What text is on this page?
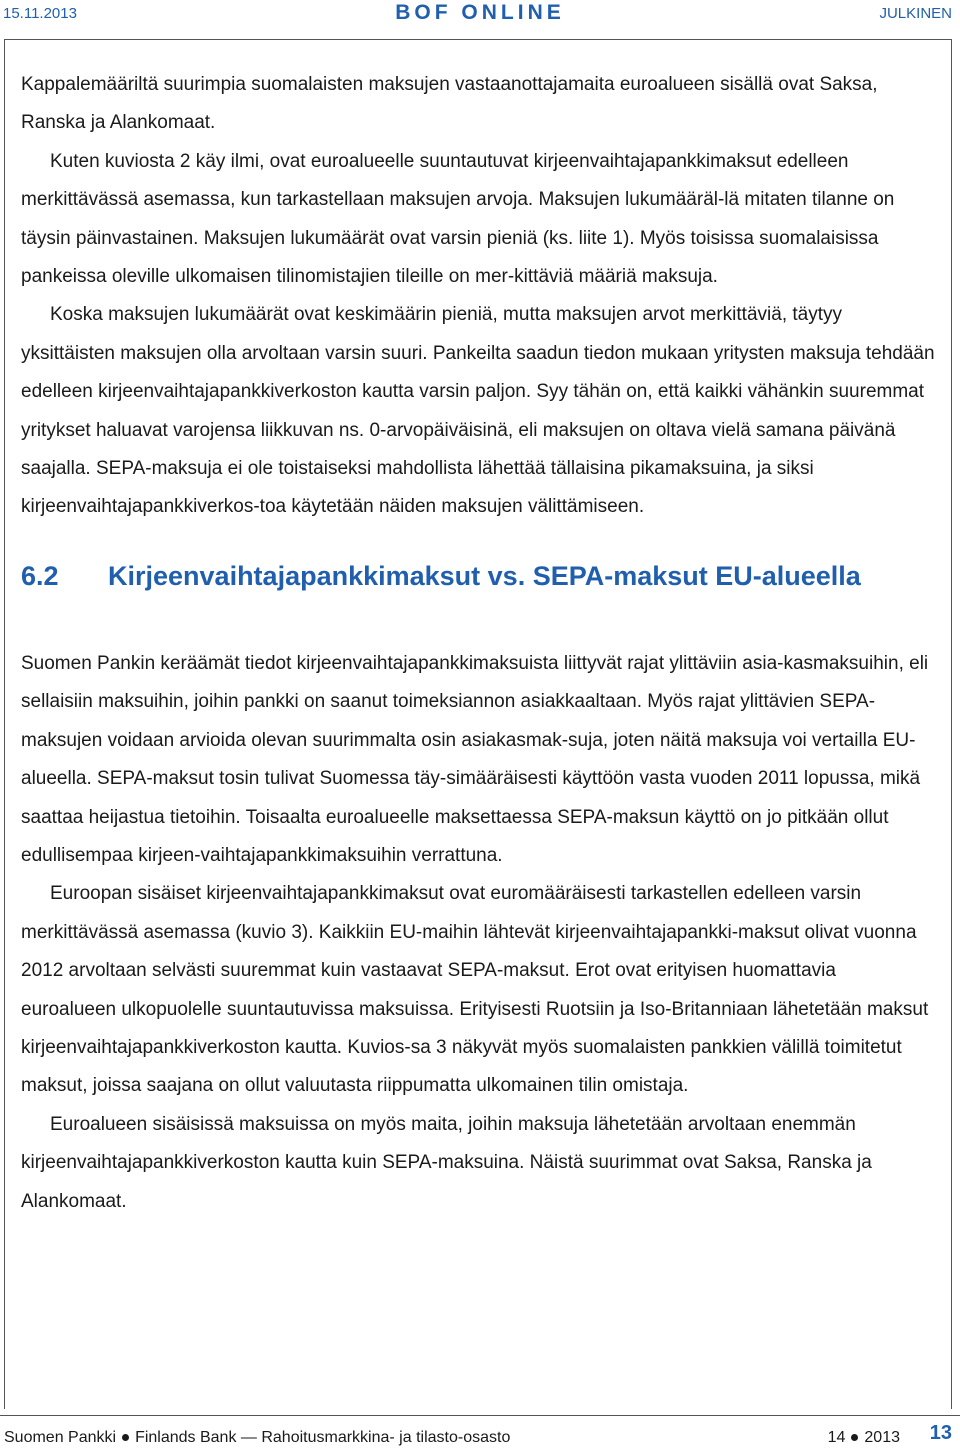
15.11.2013	BOF ONLINE	JULKINEN

Kappalemääriltä suurimpia suomalaisten maksujen vastaanottajamaita euroalueen sisällä ovat Saksa, Ranska ja Alankomaat.

Kuten kuviosta 2 käy ilmi, ovat euroalueelle suuntautuvat kirjeenvaihtajapankkimaksut edelleen merkittävässä asemassa, kun tarkastellaan maksujen arvoja. Maksujen lukumääräl-lä mitaten tilanne on täysin päinvastainen. Maksujen lukumäärät ovat varsin pieniä (ks. liite 1). Myös toisissa suomalaisissa pankeissa oleville ulkomaisen tilinomistajien tileille on mer-kittäviä määriä maksuja.

Koska maksujen lukumäärät ovat keskimäärin pieniä, mutta maksujen arvot merkittäviä, täytyy yksittäisten maksujen olla arvoltaan varsin suuri. Pankeilta saadun tiedon mukaan yritysten maksuja tehdään edelleen kirjeenvaihtajapankkiverkoston kautta varsin paljon. Syy tähän on, että kaikki vähänkin suuremmat yritykset haluavat varojensa liikkuvan ns. 0-arvopäiväisinä, eli maksujen on oltava vielä samana päivänä saajalla. SEPA-maksuja ei ole toistaiseksi mahdollista lähettää tällaisina pikamaksuina, ja siksi kirjeenvaihtajapankkiverkos-toa käytetään näiden maksujen välittämiseen.

6.2 Kirjeenvaihtajapankkimaksut vs. SEPA-maksut EU-alueella

Suomen Pankin keräämät tiedot kirjeenvaihtajapankkimaksuista liittyvät rajat ylittäviin asia-kasmaksuihin, eli sellaisiin maksuihin, joihin pankki on saanut toimeksiannon asiakkaaltaan. Myös rajat ylittävien SEPA-maksujen voidaan arvioida olevan suurimmalta osin asiakasmak-suja, joten näitä maksuja voi vertailla EU-alueella. SEPA-maksut tosin tulivat Suomessa täy-simääräisesti käyttöön vasta vuoden 2011 lopussa, mikä saattaa heijastua tietoihin. Toisaalta euroalueelle maksettaessa SEPA-maksun käyttö on jo pitkään ollut edullisempaa kirjeen-vaihtajapankkimaksuihin verrattuna.

Euroopan sisäiset kirjeenvaihtajapankkimaksut ovat euromääräisesti tarkastellen edelleen varsin merkittävässä asemassa (kuvio 3). Kaikkiin EU-maihin lähtevät kirjeenvaihtajapankki-maksut olivat vuonna 2012 arvoltaan selvästi suuremmat kuin vastaavat SEPA-maksut. Erot ovat erityisen huomattavia euroalueen ulkopuolelle suuntautuvissa maksuissa. Erityisesti Ruotsiin ja Iso-Britanniaan lähetetään maksut kirjeenvaihtajapankkiverkoston kautta. Kuvios-sa 3 näkyvät myös suomalaisten pankkien välillä toimitetut maksut, joissa saajana on ollut valuutasta riippumatta ulkomainen tilin omistaja.

Euroalueen sisäisissä maksuissa on myös maita, joihin maksuja lähetetään arvoltaan enemmän kirjeenvaihtajapankkiverkoston kautta kuin SEPA-maksuina. Näistä suurimmat ovat Saksa, Ranska ja Alankomaat.

Suomen Pankki Finlands Bank — Rahoitusmarkkina- ja tilasto-osasto	14 2013 13
